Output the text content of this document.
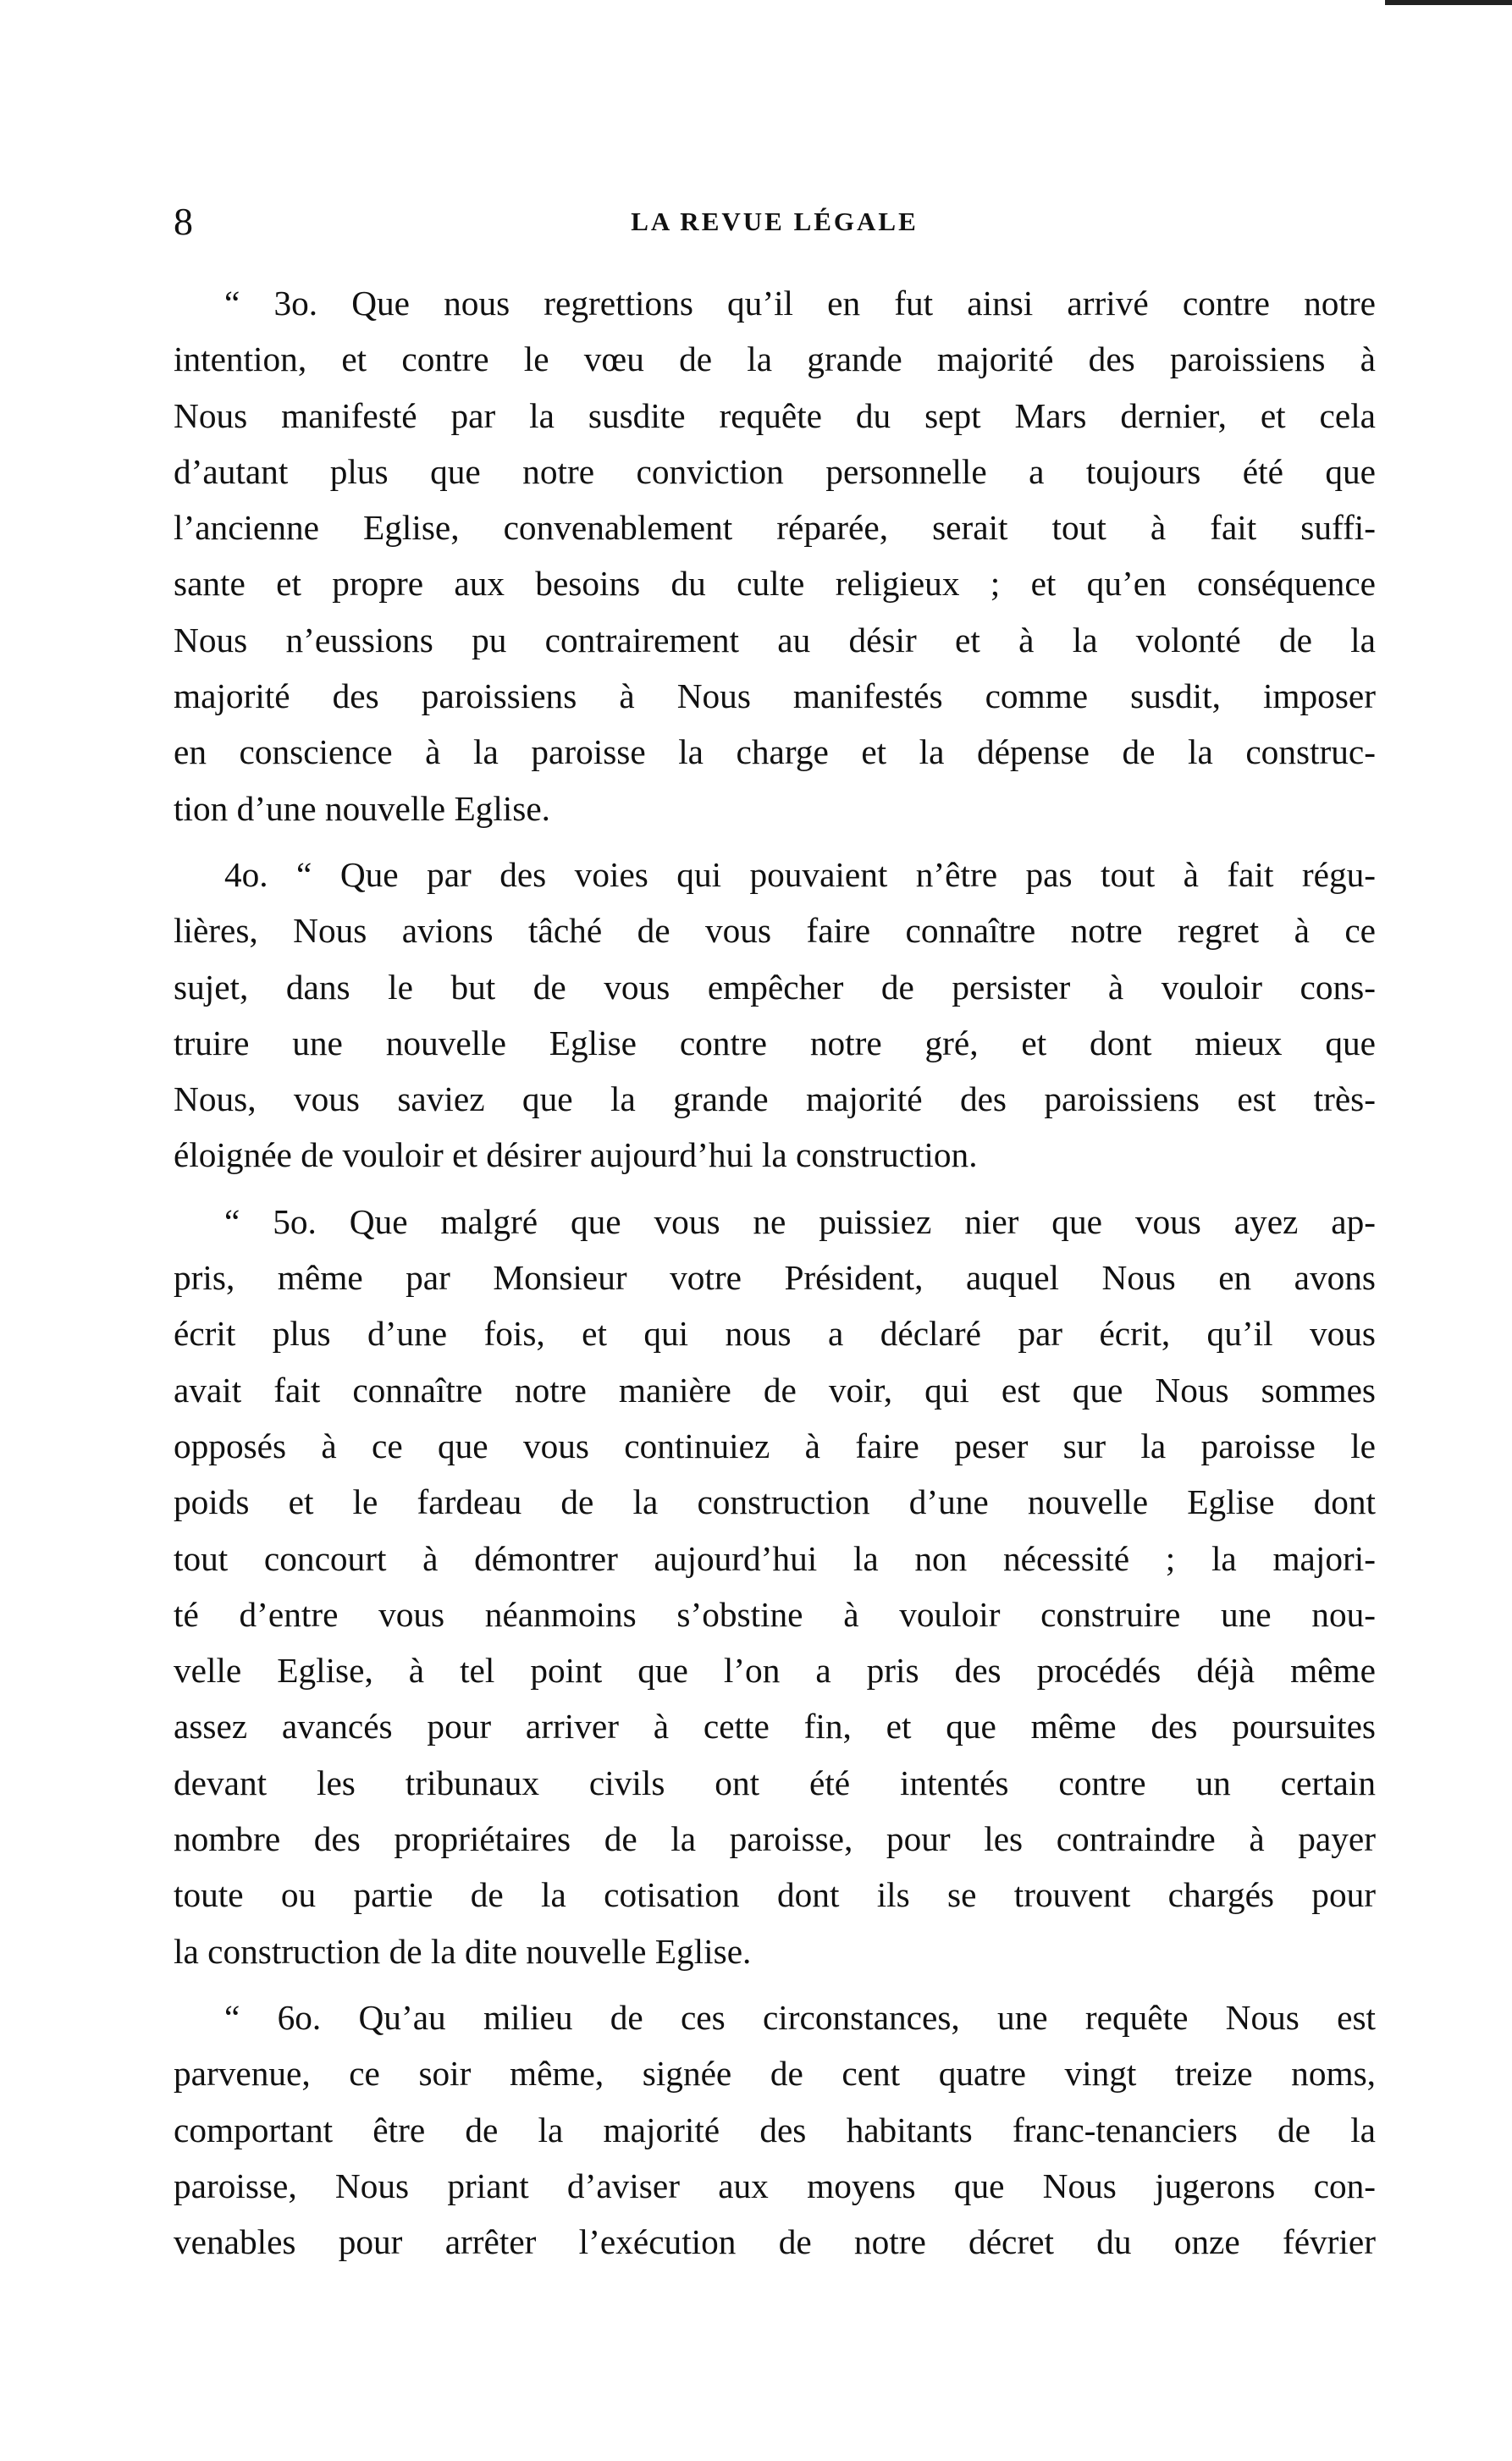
8	LA REVUE LÉGALE

“ 3o. Que nous regrettions qu’il en fut ainsi arrivé contre notre
intention, et contre le vœu de la grande majorité des paroissiens à
Nous manifesté par la susdite requête du sept Mars dernier, et cela
d’autant plus que notre conviction personnelle a toujours été que
l’ancienne Eglise, convenablement réparée, serait tout à fait suffi-
sante et propre aux besoins du culte religieux ; et qu’en conséquence
Nous n’eussions pu contrairement au désir et à la volonté de la
majorité des paroissiens à Nous manifestés comme susdit, imposer
en conscience à la paroisse la charge et la dépense de la construc-
tion d’une nouvelle Eglise.

4o. “ Que par des voies qui pouvaient n’être pas tout à fait régu-
lières, Nous avions tâché de vous faire connaître notre regret à ce
sujet, dans le but de vous empêcher de persister à vouloir cons-
truire une nouvelle Eglise contre notre gré, et dont mieux que
Nous, vous saviez que la grande majorité des paroissiens est très-
éloignée de vouloir et désirer aujourd’hui la construction.

“ 5o. Que malgré que vous ne puissiez nier que vous ayez ap-
pris, même par Monsieur votre Président, auquel Nous en avons
écrit plus d’une fois, et qui nous a déclaré par écrit, qu’il vous
avait fait connaître notre manière de voir, qui est que Nous sommes
opposés à ce que vous continuiez à faire peser sur la paroisse le
poids et le fardeau de la construction d’une nouvelle Eglise dont
tout concourt à démontrer aujourd’hui la non nécessité ; la majori-
té d’entre vous néanmoins s’obstine à vouloir construire une nou-
velle Eglise, à tel point que l’on a pris des procédés déjà même
assez avancés pour arriver à cette fin, et que même des poursuites
devant les tribunaux civils ont été intentés contre un certain
nombre des propriétaires de la paroisse, pour les contraindre à payer
toute ou partie de la cotisation dont ils se trouvent chargés pour
la construction de la dite nouvelle Eglise.

“ 6o. Qu’au milieu de ces circonstances, une requête Nous est
parvenue, ce soir même, signée de cent quatre vingt treize noms,
comportant être de la majorité des habitants franc-tenanciers de la
paroisse, Nous priant d’aviser aux moyens que Nous jugerons con-
venables pour arrêter l’exécution de notre décret du onze février
